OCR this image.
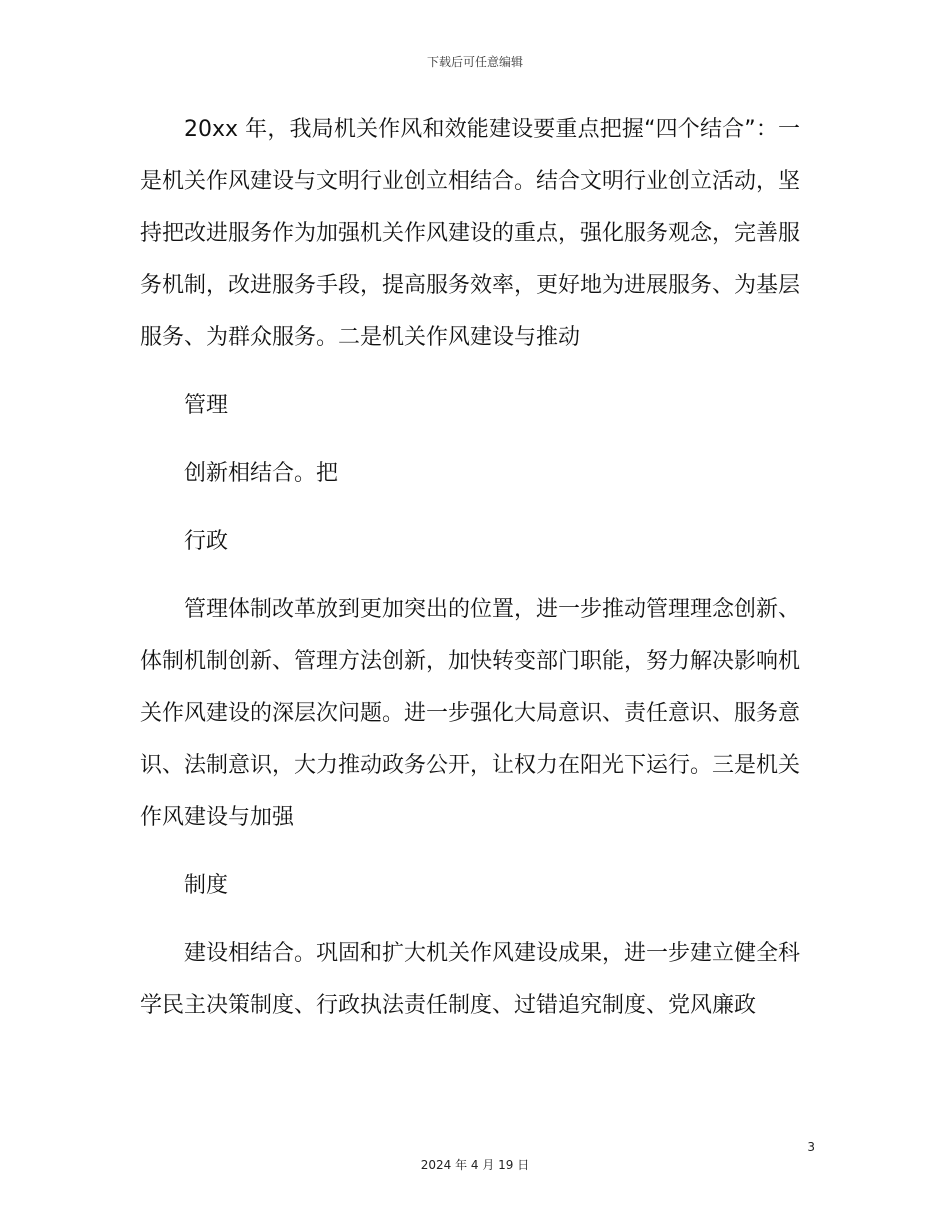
下载后可任意编辑

20xx 年，我局机关作风和效能建设要重点把握“四个结合”：一是机关作风建设与文明行业创立相结合。结合文明行业创立活动，坚持把改进服务作为加强机关作风建设的重点，强化服务观念，完善服务机制，改进服务手段，提高服务效率，更好地为进展服务、为基层服务、为群众服务。二是机关作风建设与推动

管理

创新相结合。把

行政

管理体制改革放到更加突出的位置，进一步推动管理理念创新、体制机制创新、管理方法创新，加快转变部门职能，努力解决影响机关作风建设的深层次问题。进一步强化大局意识、责任意识、服务意识、法制意识，大力推动政务公开，让权力在阳光下运行。三是机关作风建设与加强

制度

建设相结合。巩固和扩大机关作风建设成果，进一步建立健全科学民主决策制度、行政执法责任制度、过错追究制度、党风廉政

3
2024 年 4 月 19 日
